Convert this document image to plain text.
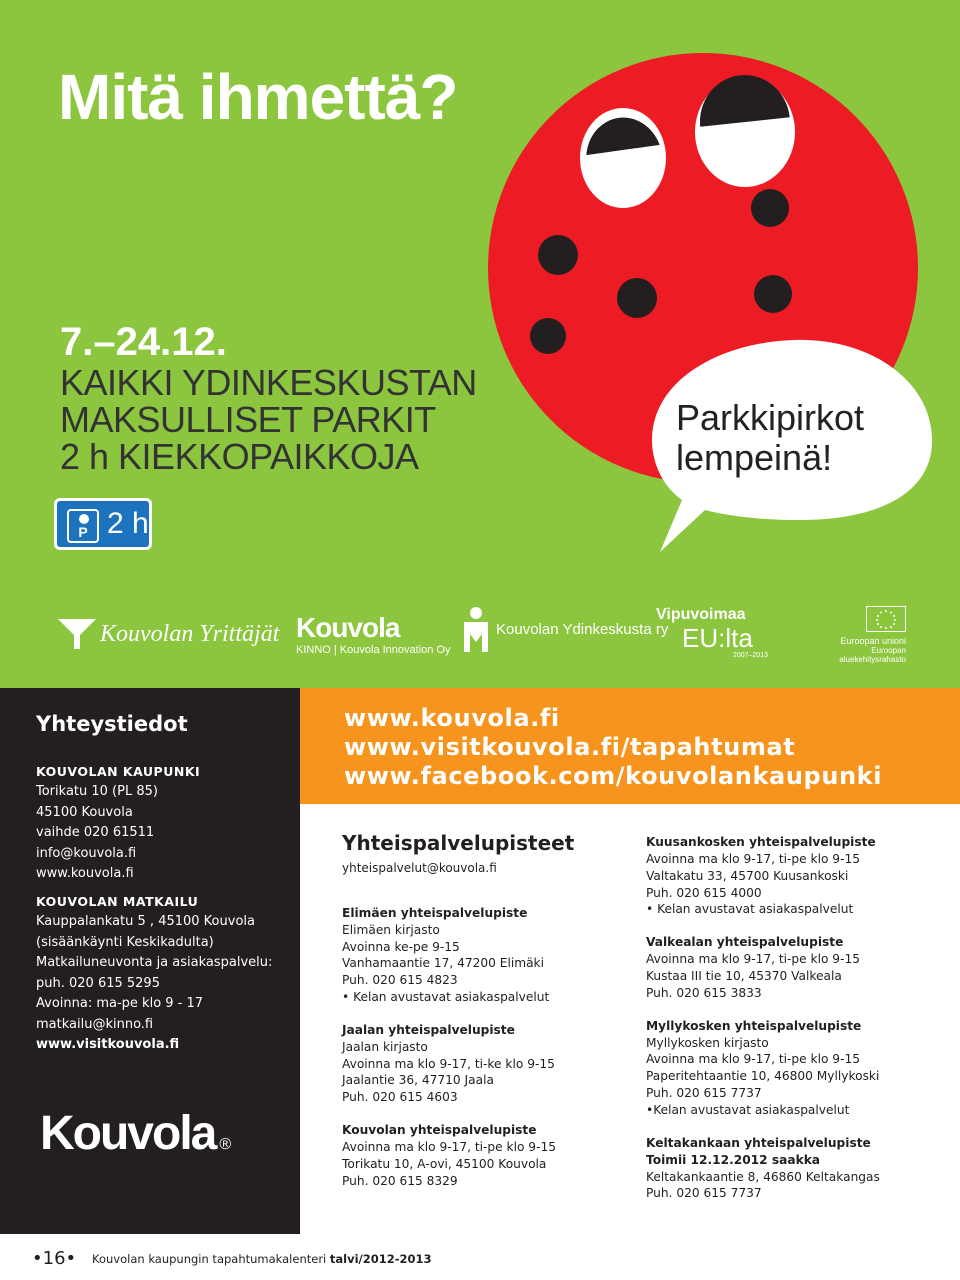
Mitä ihmettä?
7.–24.12.
KAIKKI YDINKESKUSTAN
MAKSULLISET PARKIT
2 h KIEKKOPAIKKOJA
P 2 h
Parkkipirkot
lempeinä!
Kouvolan Yrittäjät Kouvola
KINNO | Kouvola Innovation Oy
Kouvolan Ydinkeskusta ry
Vipuvoimaa
EU:lta
2007–2013
Euroopan unioni
Euroopan aluekehitysrahasto
Yhteystiedot
KOUVOLAN KAUPUNKI
Torikatu 10 (PL 85)
45100 Kouvola
vaihde 020 61511
info@kouvola.fi
www.kouvola.fi
KOUVOLAN MATKAILU
Kauppalankatu 5 , 45100 Kouvola
(sisäänkäynti Keskikadulta)
Matkailuneuvonta ja asiakaspalvelu:
puh. 020 615 5295
Avoinna: ma-pe klo 9 - 17
matkailu@kinno.fi
www.visitkouvola.fi
Kouvola ®
www.kouvola.fi
www.visitkouvola.fi/tapahtumat
www.facebook.com/kouvolankaupunki
Yhteispalvelupisteet
yhteispalvelut@kouvola.fi
Elimäen yhteispalvelupiste
Elimäen kirjasto
Avoinna ke-pe 9-15
Vanhamaantie 17, 47200 Elimäki
Puh. 020 615 4823
• Kelan avustavat asiakaspalvelut
Jaalan yhteispalvelupiste
Jaalan kirjasto
Avoinna ma klo 9-17, ti-ke klo 9-15
Jaalantie 36, 47710 Jaala
Puh. 020 615 4603
Kouvolan yhteispalvelupiste
Avoinna ma klo 9-17, ti-pe klo 9-15
Torikatu 10, A-ovi, 45100 Kouvola
Puh. 020 615 8329
Kuusankosken yhteispalvelupiste
Avoinna ma klo 9-17, ti-pe klo 9-15
Valtakatu 33, 45700 Kuusankoski
Puh. 020 615 4000
• Kelan avustavat asiakaspalvelut
Valkealan yhteispalvelupiste
Avoinna ma klo 9-17, ti-pe klo 9-15
Kustaa III tie 10, 45370 Valkeala
Puh. 020 615 3833
Myllykosken yhteispalvelupiste
Myllykosken kirjasto
Avoinna ma klo 9-17, ti-pe klo 9-15
Paperitehtaantie 10, 46800 Myllykoski
Puh. 020 615 7737
•Kelan avustavat asiakaspalvelut
Keltakankaan yhteispalvelupiste
Toimii 12.12.2012 saakka
Keltakankaantie 8, 46860 Keltakangas
Puh. 020 615 7737
•16• Kouvolan kaupungin tapahtumakalenteri talvi/2012-2013
